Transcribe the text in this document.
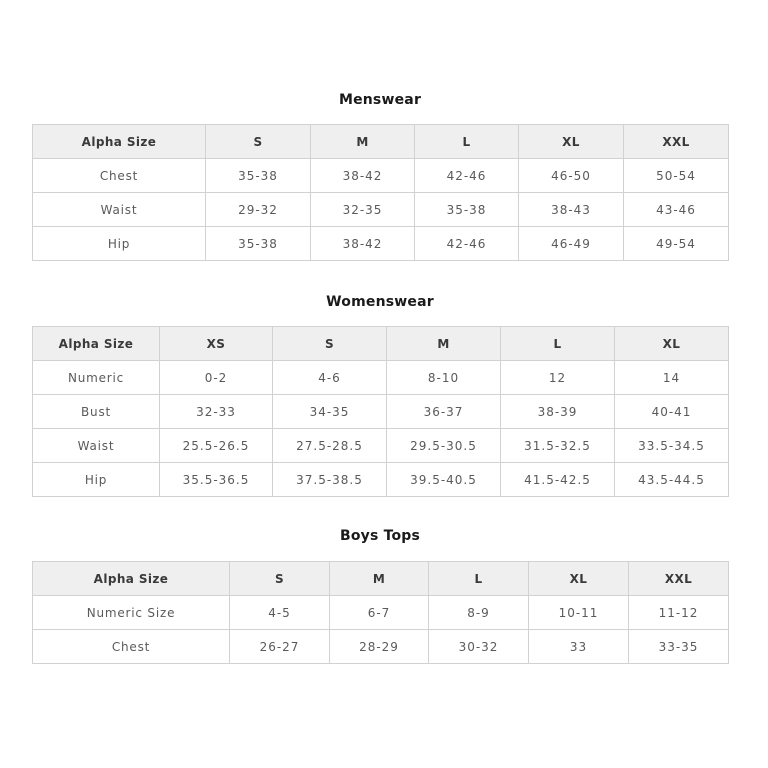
Menswear
Alpha Size	S	M	L	XL	XXL
Chest	35-38	38-42	42-46	46-50	50-54
Waist	29-32	32-35	35-38	38-43	43-46
Hip	35-38	38-42	42-46	46-49	49-54
Womenswear
Alpha Size	XS	S	M	L	XL
Numeric	0-2	4-6	8-10	12	14
Bust	32-33	34-35	36-37	38-39	40-41
Waist	25.5-26.5	27.5-28.5	29.5-30.5	31.5-32.5	33.5-34.5
Hip	35.5-36.5	37.5-38.5	39.5-40.5	41.5-42.5	43.5-44.5
Boys Tops
Alpha Size	S	M	L	XL	XXL
Numeric Size	4-5	6-7	8-9	10-11	11-12
Chest	26-27	28-29	30-32	33	33-35
